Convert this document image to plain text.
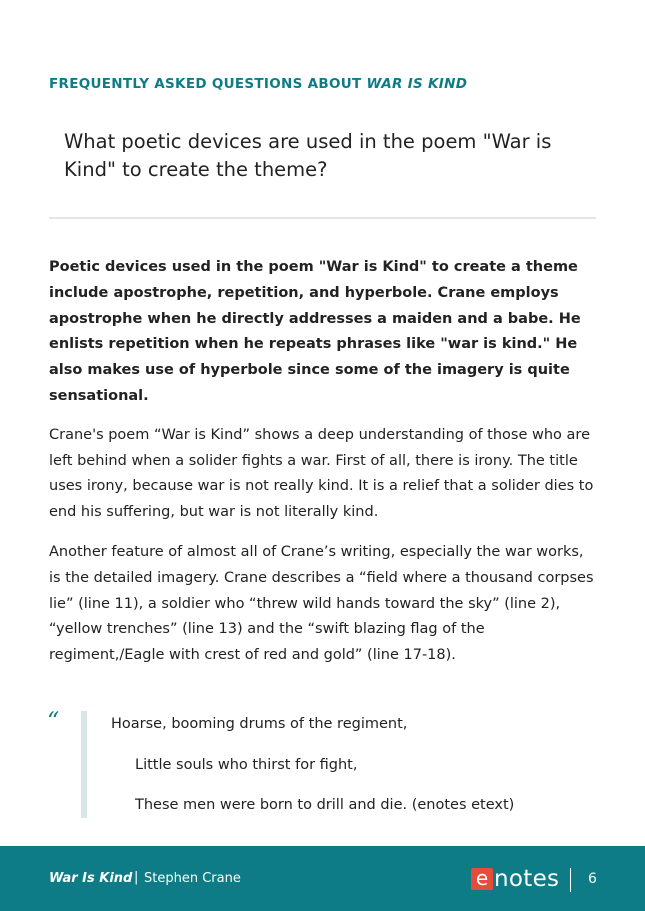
FREQUENTLY ASKED QUESTIONS ABOUT WAR IS KIND
What poetic devices are used in the poem "War is Kind" to create the theme?

Poetic devices used in the poem "War is Kind" to create a theme include apostrophe, repetition, and hyperbole. Crane employs apostrophe when he directly addresses a maiden and a babe. He enlists repetition when he repeats phrases like "war is kind." He also makes use of hyperbole since some of the imagery is quite sensational.

Crane's poem “War is Kind” shows a deep understanding of those who are left behind when a solider fights a war. First of all, there is irony. The title uses irony, because war is not really kind. It is a relief that a solider dies to end his suffering, but war is not literally kind.

Another feature of almost all of Crane’s writing, especially the war works, is the detailed imagery. Crane describes a “field where a thousand corpses lie” (line 11), a soldier who “threw wild hands toward the sky” (line 2), “yellow trenches” (line 13) and the “swift blazing flag of the regiment,/Eagle with crest of red and gold” (line 17-18).

“	Hoarse, booming drums of the regiment,
Little souls who thirst for fight,
These men were born to drill and die. (enotes etext)
War Is Kind | Stephen Crane	e notes 6
